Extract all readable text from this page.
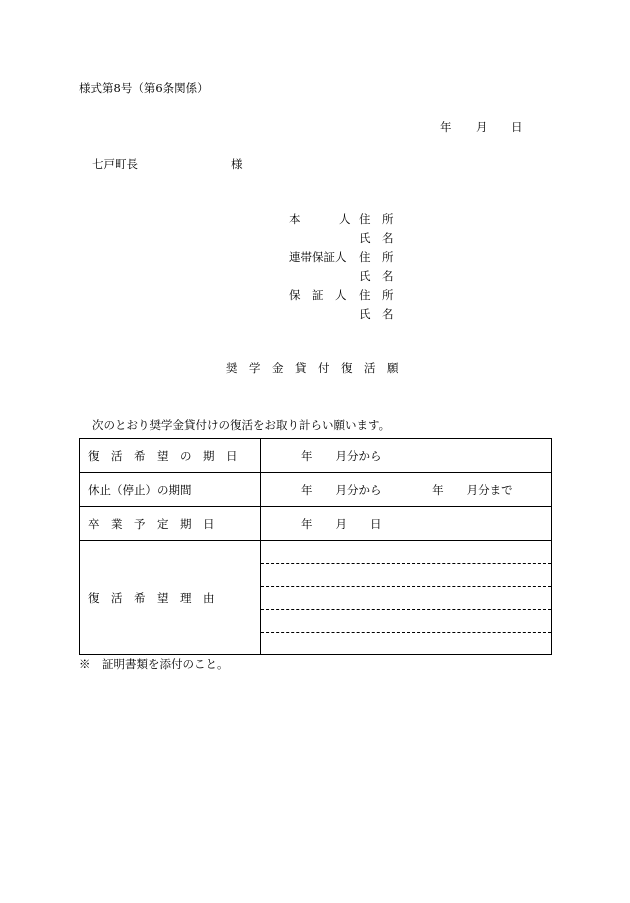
様式第8号（第6条関係）
年 月 日
七戸町長	様
本　　　人 住　所
氏　名
連帯保証人 住　所
氏　名
保　証　人 住　所
氏　名
奨　学　金　貸　付　復　活　願
次のとおり奨学金貸付けの復活をお取り計らい願います。
復　活　希　望　の　期　日	年　　月分から
休止（停止）の期間	年　　月分から 年　　月分まで
卒　業　予　定　期　日	年　　月　　日
復　活　希　望　理　由	
※　証明書類を添付のこと。
